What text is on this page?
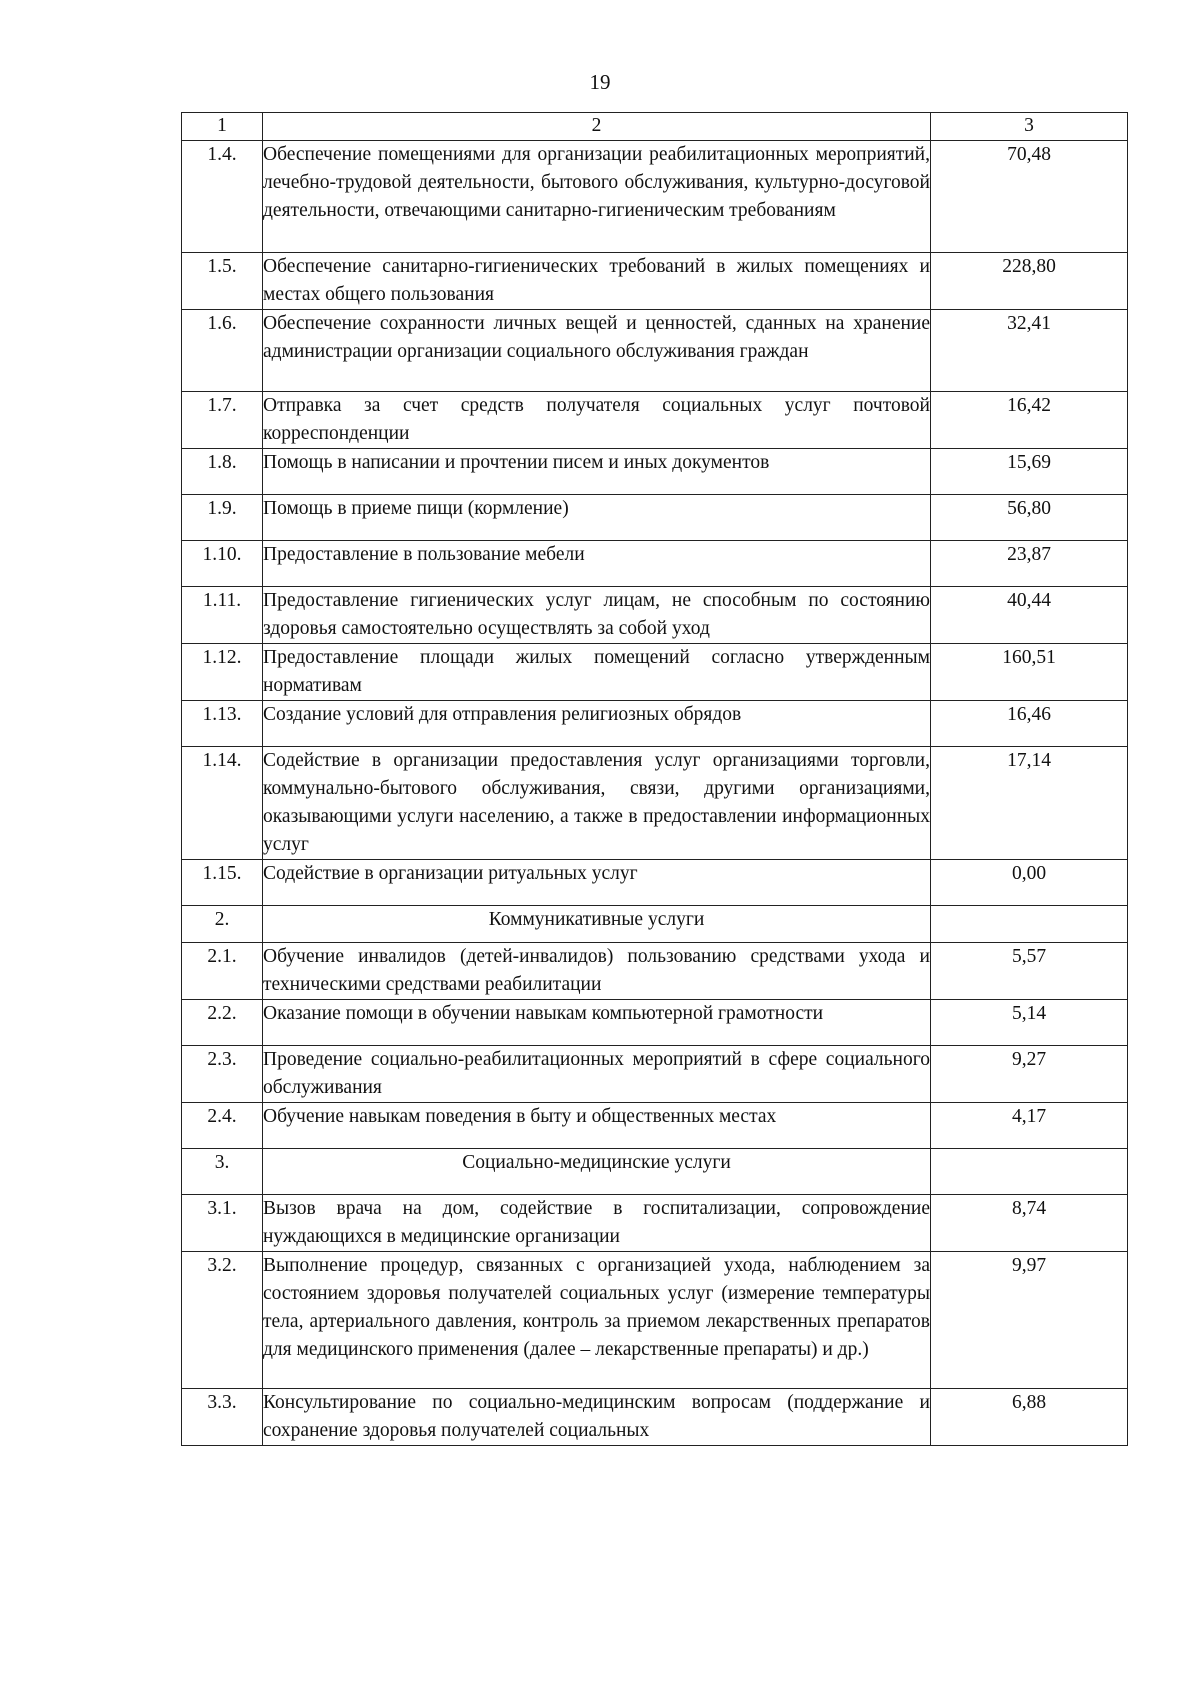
19
1	2	3
1.4.	Обеспечение помещениями для организации реабилитационных мероприятий, лечебно-трудовой деятельности, бытового обслуживания, культурно-досуговой деятельности, отвечающими санитарно-гигиеническим требованиям	70,48
1.5.	Обеспечение санитарно-гигиенических требований в жилых помещениях и местах общего пользования	228,80
1.6.	Обеспечение сохранности личных вещей и ценностей, сданных на хранение администрации организации социального обслуживания граждан	32,41
1.7.	Отправка за счет средств получателя социальных услуг почтовой корреспонденции	16,42
1.8.	Помощь в написании и прочтении писем и иных документов	15,69
1.9.	Помощь в приеме пищи (кормление)	56,80
1.10.	Предоставление в пользование мебели	23,87
1.11.	Предоставление гигиенических услуг лицам, не способным по состоянию здоровья самостоятельно осуществлять за собой уход	40,44
1.12.	Предоставление площади жилых помещений согласно утвержденным нормативам	160,51
1.13.	Создание условий для отправления религиозных обрядов	16,46
1.14.	Содействие в организации предоставления услуг организациями торговли, коммунально-бытового обслуживания, связи, другими организациями, оказывающими услуги населению, а также в предоставлении информационных услуг	17,14
1.15.	Содействие в организации ритуальных услуг	0,00
2.	Коммуникативные услуги	
2.1.	Обучение инвалидов (детей-инвалидов) пользованию средствами ухода и техническими средствами реабилитации	5,57
2.2.	Оказание помощи в обучении навыкам компьютерной грамотности	5,14
2.3.	Проведение социально-реабилитационных мероприятий в сфере социального обслуживания	9,27
2.4.	Обучение навыкам поведения в быту и общественных местах	4,17
3.	Социально-медицинские услуги	
3.1.	Вызов врача на дом, содействие в госпитализации, сопровождение нуждающихся в медицинские организации	8,74
3.2.	Выполнение процедур, связанных с организацией ухода, наблюдением за состоянием здоровья получателей социальных услуг (измерение температуры тела, артериального давления, контроль за приемом лекарственных препаратов для медицинского применения (далее – лекарственные препараты) и др.)	9,97
3.3.	Консультирование по социально-медицинским вопросам (поддержание и сохранение здоровья получателей социальных	6,88
